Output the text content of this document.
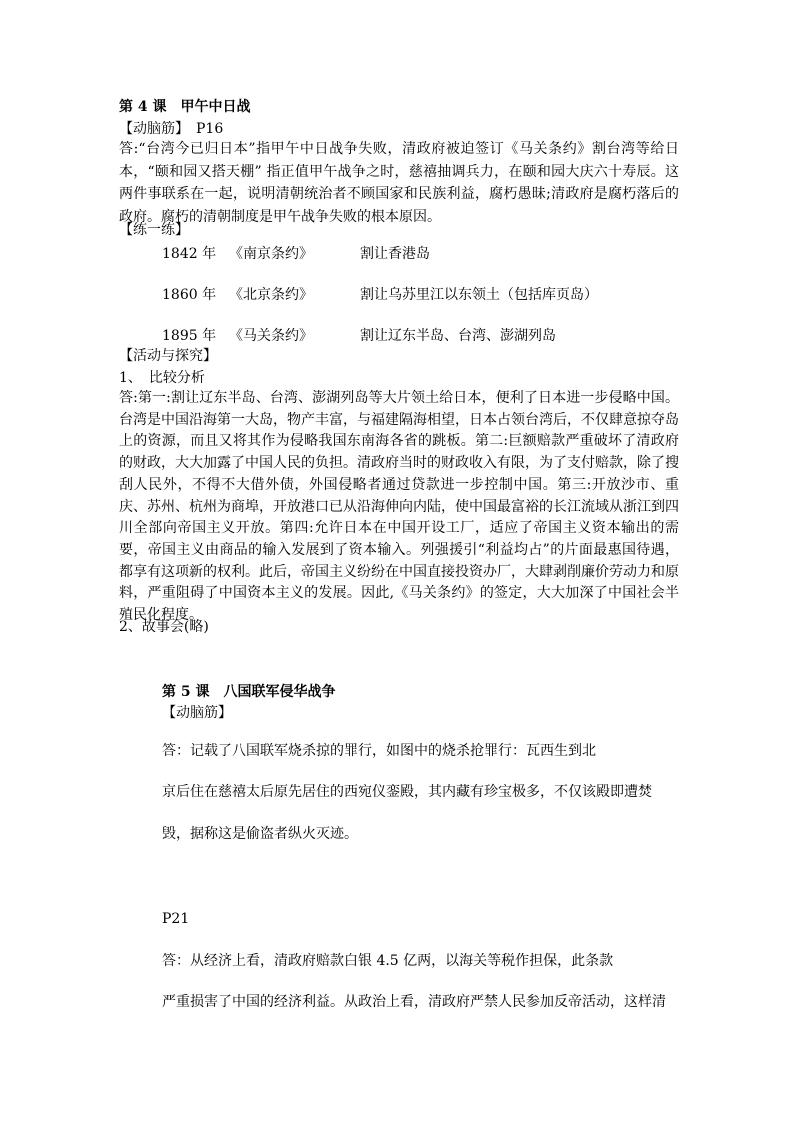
第 4 课　甲午中日战
【动脑筋】　P16
答:“台湾今已归日本”指甲午中日战争失败，清政府被迫签订《马关条约》割台湾等给日本，“颐和园又搭天棚” 指正值甲午战争之时，慈禧抽调兵力，在颐和园大庆六十寿辰。这两件事联系在一起，说明清朝统治者不顾国家和民族利益，腐朽愚昧;清政府是腐朽落后的政府。腐朽的清朝制度是甲午战争失败的根本原因。
【练一练】
1842 年 《南京条约》	割让香港岛
1860 年 《北京条约》	割让乌苏里江以东领土（包括库页岛）
1895 年 《马关条约》	割让辽东半岛、台湾、澎湖列岛
【活动与探究】
1、　比较分析
答:第一:割让辽东半岛、台湾、澎湖列岛等大片领土给日本，便利了日本进一步侵略中国。台湾是中国沿海第一大岛，物产丰富，与福建隔海相望，日本占领台湾后，不仅肆意掠夺岛上的资源，而且又将其作为侵略我国东南海各省的跳板。第二:巨额赔款严重破坏了清政府的财政，大大加露了中国人民的负担。清政府当时的财政收入有限，为了支付赔款，除了搜刮人民外，不得不大借外债，外国侵略者通过贷款进一步控制中国。第三:开放沙市、重庆、苏州、杭州为商埠，开放港口已从沿海伸向内陆，使中国最富裕的长江流域从浙江到四川全部向帝国主义开放。第四:允许日本在中国开设工厂，适应了帝国主义资本输出的需要，帝国主义由商品的输入发展到了资本输入。列强援引“利益均占”的片面最惠国待遇，都享有这项新的权利。此后，帝国主义纷纷在中国直接投资办厂，大肆剥削廉价劳动力和原料，严重阻碍了中国资本主义的发展。因此,《马关条约》的签定，大大加深了中国社会半殖民化程度。
2、故事会(略)
第 5 课　八国联军侵华战争
【动脑筋】
答：记载了八国联军烧杀掠的罪行，如图中的烧杀抢罪行：瓦西生到北
京后住在慈禧太后原先居住的西宛仪銮殿，其内藏有珍宝极多，不仅该殿即遭焚
毁，据称这是偷盗者纵火灭迹。
P21
答：从经济上看，清政府赔款白银 4.5 亿两，以海关等税作担保，此条款
严重损害了中国的经济利益。从政治上看，清政府严禁人民参加反帝活动，这样清
